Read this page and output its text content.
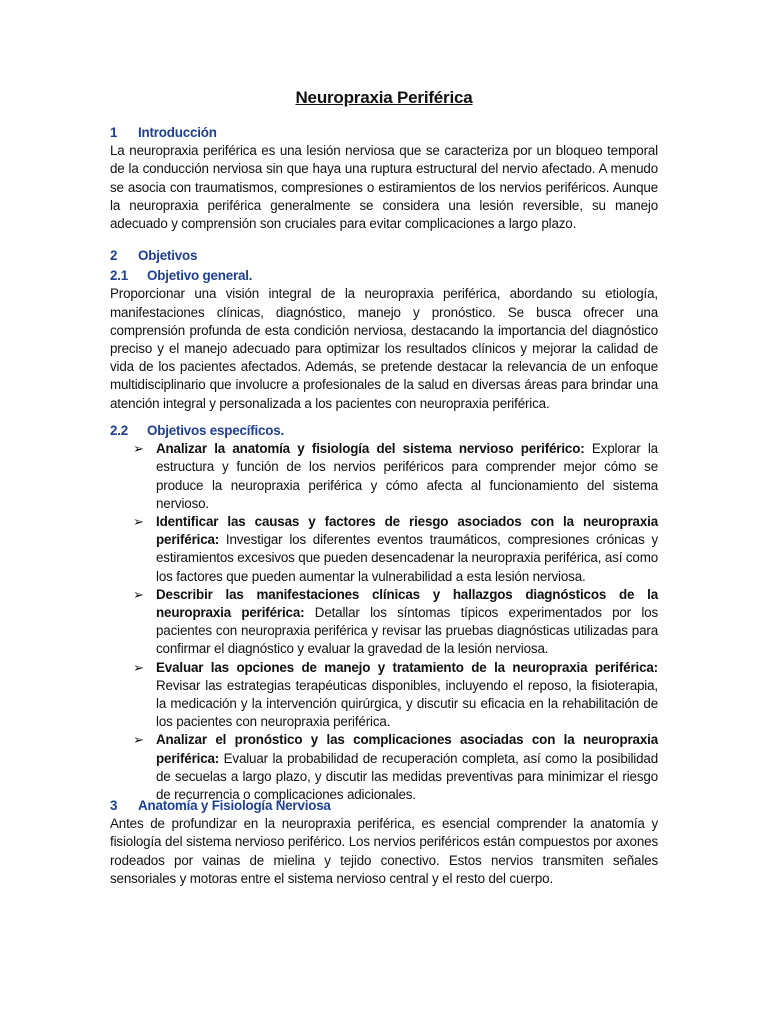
Neuropraxia Periférica

1 Introducción

La neuropraxia periférica es una lesión nerviosa que se caracteriza por un bloqueo temporal de la conducción nerviosa sin que haya una ruptura estructural del nervio afectado. A menudo se asocia con traumatismos, compresiones o estiramientos de los nervios periféricos. Aunque la neuropraxia periférica generalmente se considera una lesión reversible, su manejo adecuado y comprensión son cruciales para evitar complicaciones a largo plazo.

2 Objetivos

2.1 Objetivo general.

Proporcionar una visión integral de la neuropraxia periférica, abordando su etiología, manifestaciones clínicas, diagnóstico, manejo y pronóstico. Se busca ofrecer una comprensión profunda de esta condición nerviosa, destacando la importancia del diagnóstico preciso y el manejo adecuado para optimizar los resultados clínicos y mejorar la calidad de vida de los pacientes afectados. Además, se pretende destacar la relevancia de un enfoque multidisciplinario que involucre a profesionales de la salud en diversas áreas para brindar una atención integral y personalizada a los pacientes con neuropraxia periférica.

2.2 Objetivos específicos.

➢ Analizar la anatomía y fisiología del sistema nervioso periférico: Explorar la estructura y función de los nervios periféricos para comprender mejor cómo se produce la neuropraxia periférica y cómo afecta al funcionamiento del sistema nervioso.
➢ Identificar las causas y factores de riesgo asociados con la neuropraxia periférica: Investigar los diferentes eventos traumáticos, compresiones crónicas y estiramientos excesivos que pueden desencadenar la neuropraxia periférica, así como los factores que pueden aumentar la vulnerabilidad a esta lesión nerviosa.
➢ Describir las manifestaciones clínicas y hallazgos diagnósticos de la neuropraxia periférica: Detallar los síntomas típicos experimentados por los pacientes con neuropraxia periférica y revisar las pruebas diagnósticas utilizadas para confirmar el diagnóstico y evaluar la gravedad de la lesión nerviosa.
➢ Evaluar las opciones de manejo y tratamiento de la neuropraxia periférica: Revisar las estrategias terapéuticas disponibles, incluyendo el reposo, la fisioterapia, la medicación y la intervención quirúrgica, y discutir su eficacia en la rehabilitación de los pacientes con neuropraxia periférica.
➢ Analizar el pronóstico y las complicaciones asociadas con la neuropraxia periférica: Evaluar la probabilidad de recuperación completa, así como la posibilidad de secuelas a largo plazo, y discutir las medidas preventivas para minimizar el riesgo de recurrencia o complicaciones adicionales.

3 Anatomía y Fisiología Nerviosa

Antes de profundizar en la neuropraxia periférica, es esencial comprender la anatomía y fisiología del sistema nervioso periférico. Los nervios periféricos están compuestos por axones rodeados por vainas de mielina y tejido conectivo. Estos nervios transmiten señales sensoriales y motoras entre el sistema nervioso central y el resto del cuerpo.
